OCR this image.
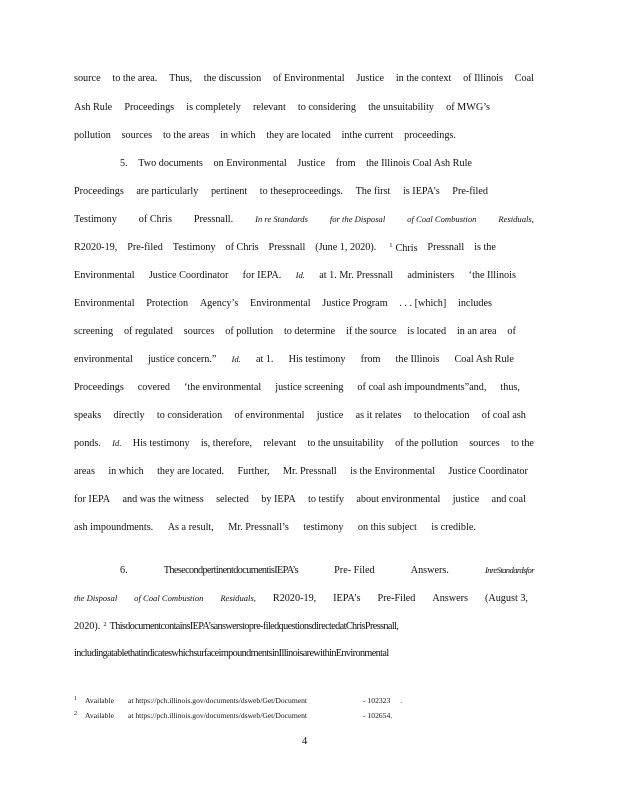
source to the area. Thus, the discussion of Environmental Justice in the context of Illinois Coal
Ash Rule Proceedings is completely relevant to considering the unsuitability of MWG’s
pollution sources to the areas in which they are located inthe current proceedings.
5. Two documents on Environmental Justice from the Illinois Coal Ash Rule
Proceedings are particularly pertinent to theseproceedings. The first is IEPA’s Pre-filed
Testimony of Chris Pressnall.	In re Standards	for the Disposal	of Coal Combustion	Residuals,
R2020-19, Pre-filed Testimony of Chris Pressnall (June 1, 2020).	1 Chris Pressnall is the
Environmental Justice Coordinator for IEPA. Id. at 1. Mr. Pressnall administers ‘the Illinois
Environmental Protection Agency’s Environmental Justice Program . . . [which] includes
screening of regulated sources of pollution to determine if the source is located in an area of
environmental justice concern.” Id. at 1. His testimony from the Illinois Coal Ash Rule
Proceedings covered ‘the environmental justice screening of coal ash impoundments”and, thus,
speaks directly to consideration of environmental justice as it relates to thelocation of coal ash
ponds. Id. His testimony is, therefore, relevant to the unsuitability of the pollution sources to the
areas in which they are located. Further, Mr. Pressnall is the Environmental Justice Coordinator
for IEPA and was the witness selected by IEPA to testify about environmental justice and coal
ash impoundments. As a result, Mr. Pressnall’s testimony on this subject is credible.
6.	ThesecondpertinentdocumentisIEPA’s	Pre- Filed	Answers.	InreStandardsfor
the Disposal of Coal Combustion Residuals, R2020-19, IEPA’s Pre-Filed Answers (August 3,
2020). 2 ThisdocumentcontainsIEPA’sanswerstopre-filedquestionsdirectedatChrisPressnall,
includingatablethatindicateswhichsurfaceimpoundmentsinIllinoisarewithinEnvironmental
$^1$ Available at https://pch.illinois.gov/documents/dsweb/Get/Document	- 102323 .
$^2$ Available at https://pch.illinois.gov/documents/dsweb/Get/Document	- 102654.
4
